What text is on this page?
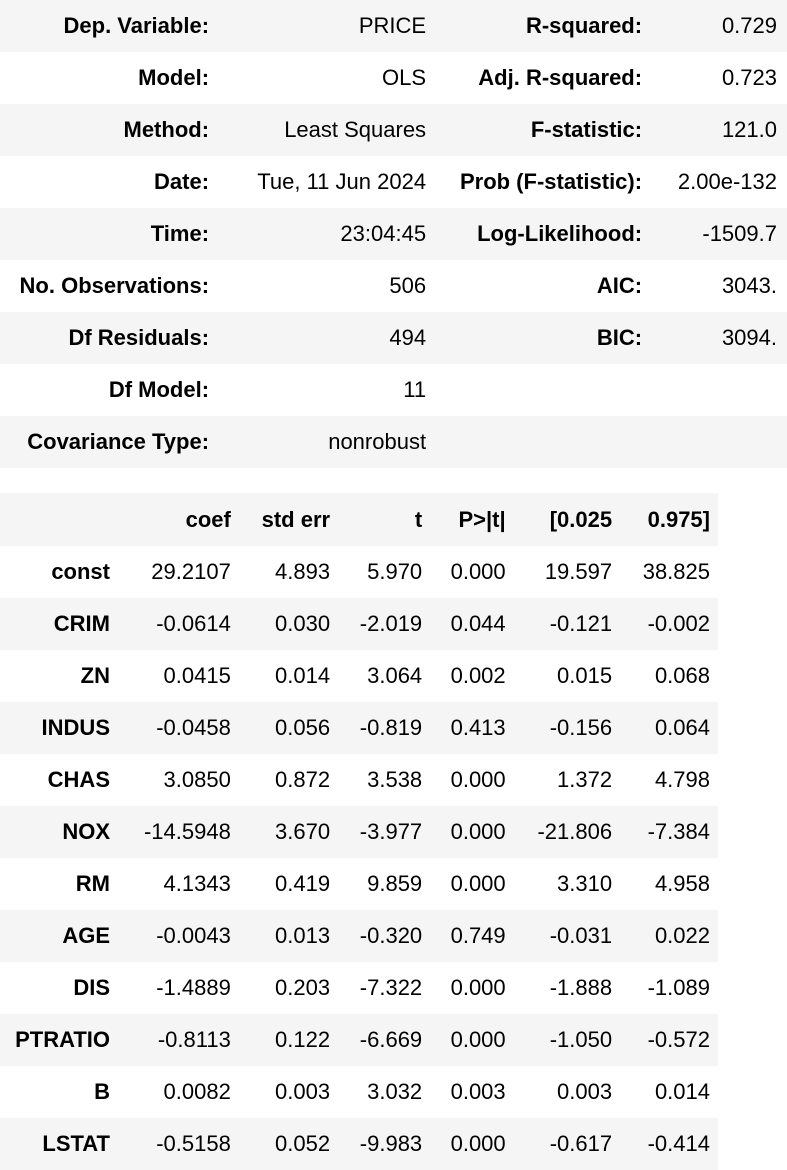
Dep. Variable:	PRICE	R-squared:	0.729
Model:	OLS	Adj. R-squared:	0.723
Method:	Least Squares	F-statistic:	121.0
Date:	Tue, 11 Jun 2024	Prob (F-statistic):	2.00e-132
Time:	23:04:45	Log-Likelihood:	-1509.7
No. Observations:	506	AIC:	3043.
Df Residuals:	494	BIC:	3094.
Df Model:	11		
Covariance Type:	nonrobust		
	coef	std err	t	P>|t|	[0.025	0.975]
const	29.2107	4.893	5.970	0.000	19.597	38.825
CRIM	-0.0614	0.030	-2.019	0.044	-0.121	-0.002
ZN	0.0415	0.014	3.064	0.002	0.015	0.068
INDUS	-0.0458	0.056	-0.819	0.413	-0.156	0.064
CHAS	3.0850	0.872	3.538	0.000	1.372	4.798
NOX	-14.5948	3.670	-3.977	0.000	-21.806	-7.384
RM	4.1343	0.419	9.859	0.000	3.310	4.958
AGE	-0.0043	0.013	-0.320	0.749	-0.031	0.022
DIS	-1.4889	0.203	-7.322	0.000	-1.888	-1.089
PTRATIO	-0.8113	0.122	-6.669	0.000	-1.050	-0.572
B	0.0082	0.003	3.032	0.003	0.003	0.014
LSTAT	-0.5158	0.052	-9.983	0.000	-0.617	-0.414
